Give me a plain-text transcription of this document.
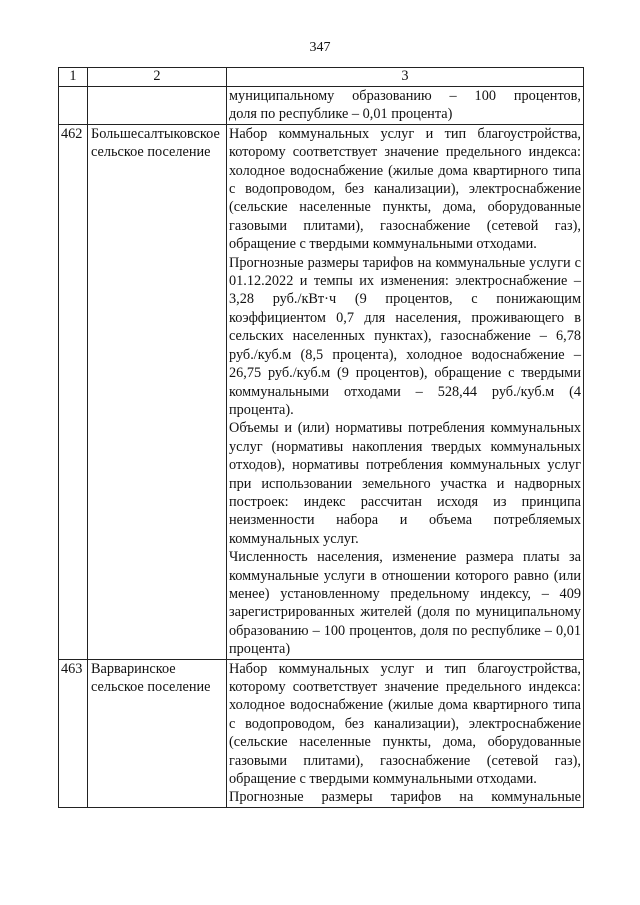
347
1	2	3

		муниципальному образованию – 100 процентов,
доля по республике – 0,01 процента)

462	Большесалтыковское сельское поселение	Набор коммунальных услуг и тип благоустройства, которому соответствует значение предельного индекса: холодное водоснабжение (жилые дома квартирного типа с водопроводом, без канализации), электроснабжение (сельские населенные пункты, дома, оборудованные газовыми плитами), газоснабжение (сетевой газ), обращение с твердыми коммунальными отходами.

Прогнозные размеры тарифов на коммунальные услуги с 01.12.2022 и темпы их изменения: электроснабжение – 3,28 руб./кВт·ч (9 процентов, с понижающим коэффициентом 0,7 для населения, проживающего в сельских населенных пунктах), газоснабжение – 6,78 руб./куб.м (8,5 процента), холодное водоснабжение – 26,75 руб./куб.м (9 процентов), обращение с твердыми коммунальными отходами – 528,44 руб./куб.м (4 процента).

Объемы и (или) нормативы потребления коммунальных услуг (нормативы накопления твердых коммунальных отходов), нормативы потребления коммунальных услуг при использовании земельного участка и надворных построек: индекс рассчитан исходя из принципа неизменности набора и объема потребляемых коммунальных услуг.

Численность населения, изменение размера платы за коммунальные услуги в отношении которого равно (или менее) установленному предельному индексу, – 409 зарегистрированных жителей (доля по муниципальному образованию – 100 процентов, доля по республике – 0,01 процента)

463	Варваринское сельское поселение	Набор коммунальных услуг и тип благоустройства, которому соответствует значение предельного индекса: холодное водоснабжение (жилые дома квартирного типа с водопроводом, без канализации), электроснабжение (сельские населенные пункты, дома, оборудованные газовыми плитами), газоснабжение (сетевой газ), обращение с твердыми коммунальными отходами.

Прогнозные размеры тарифов на коммунальные
